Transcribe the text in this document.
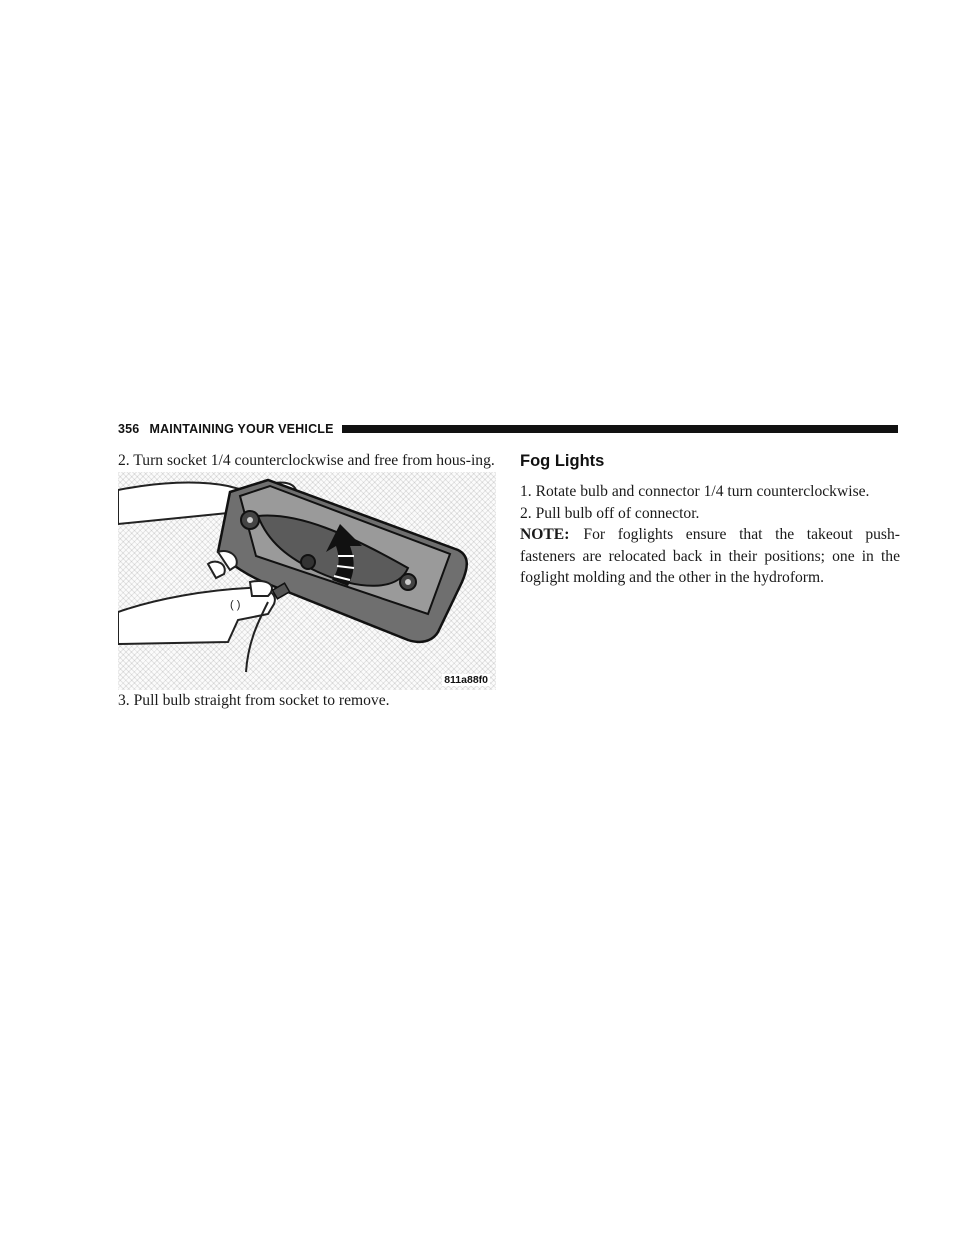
356 MAINTAINING YOUR VEHICLE

2. Turn socket 1/4 counterclockwise and free from hous-ing.

( )
811a88f0

3. Pull bulb straight from socket to remove.

Fog Lights

1. Rotate bulb and connector 1/4 turn counterclockwise.

2. Pull bulb off of connector.

NOTE: For foglights ensure that the takeout push-fasteners are relocated back in their positions; one in the foglight molding and the other in the hydroform.
